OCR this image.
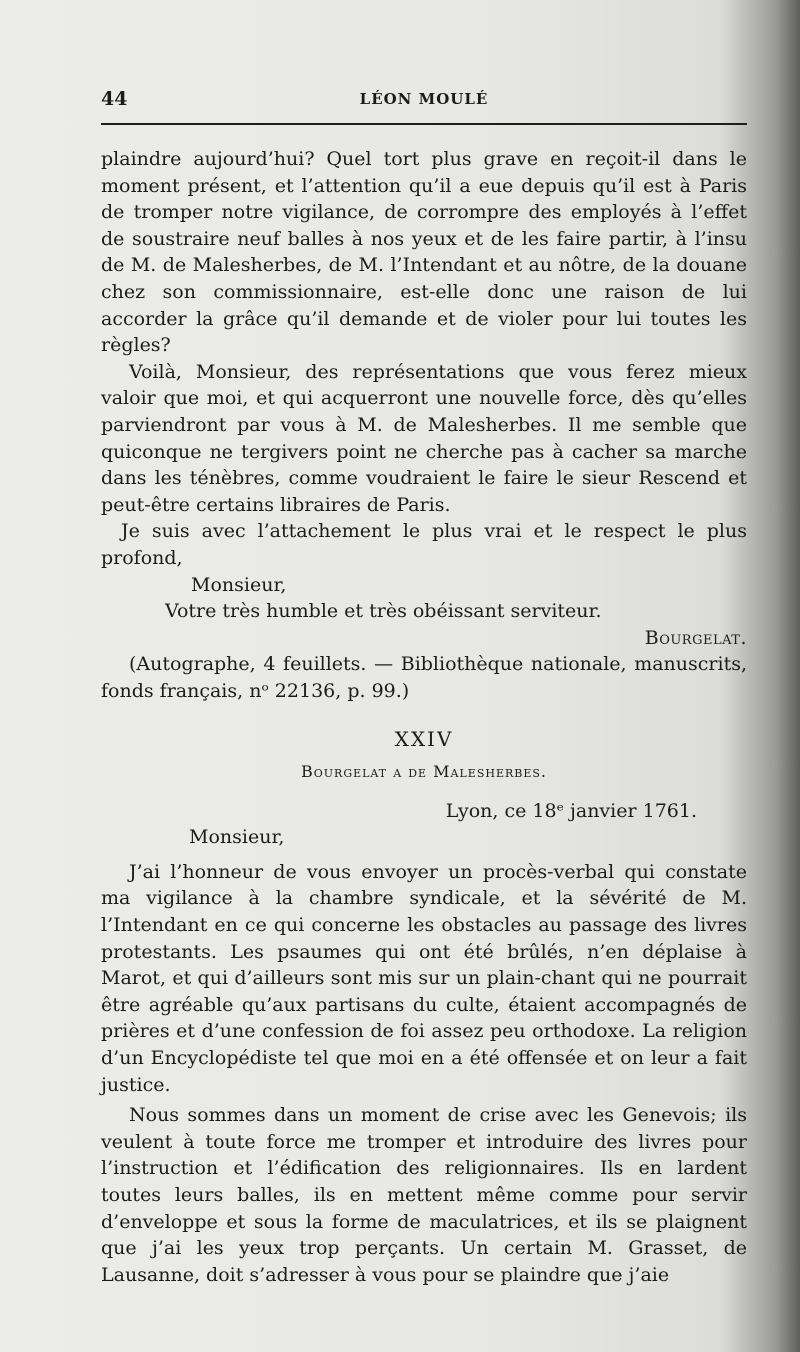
44	LÉON MOULÉ

plaindre aujourd’hui? Quel tort plus grave en reçoit-il dans le moment présent, et l’attention qu’il a eue depuis qu’il est à Paris de tromper notre vigilance, de corrompre des employés à l’effet de soustraire neuf balles à nos yeux et de les faire partir, à l’insu de M. de Malesherbes, de M. l’Intendant et au nôtre, de la douane chez son commissionnaire, est-elle donc une raison de lui accorder la grâce qu’il demande et de violer pour lui toutes les règles?

Voilà, Monsieur, des représentations que vous ferez mieux valoir que moi, et qui acquerront une nouvelle force, dès qu’elles parviendront par vous à M. de Malesherbes. Il me semble que quiconque ne tergivers point ne cherche pas à cacher sa marche dans les ténèbres, comme voudraient le faire le sieur Rescend et peut-être certains libraires de Paris.

Je suis avec l’attachement le plus vrai et le respect le plus profond,

Monsieur,

Votre très humble et très obéissant serviteur.

Bourgelat.

(Autographe, 4 feuillets. — Bibliothèque nationale, manuscrits, fonds français, nᵒ 22136, p. 99.)

XXIV

Bourgelat a de Malesherbes.

Lyon, ce 18ᵉ janvier 1761.

Monsieur,

J’ai l’honneur de vous envoyer un procès-verbal qui constate ma vigilance à la chambre syndicale, et la sévérité de M. l’Intendant en ce qui concerne les obstacles au passage des livres protestants. Les psaumes qui ont été brûlés, n’en déplaise à Marot, et qui d’ailleurs sont mis sur un plain-chant qui ne pourrait être agréable qu’aux partisans du culte, étaient accompagnés de prières et d’une confession de foi assez peu orthodoxe. La religion d’un Encyclopédiste tel que moi en a été offensée et on leur a fait justice.

Nous sommes dans un moment de crise avec les Genevois; ils veulent à toute force me tromper et introduire des livres pour l’instruction et l’édification des religionnaires. Ils en lardent toutes leurs balles, ils en mettent même comme pour servir d’enveloppe et sous la forme de maculatrices, et ils se plaignent que j’ai les yeux trop perçants. Un certain M. Grasset, de Lausanne, doit s’adresser à vous pour se plaindre que j’aie
